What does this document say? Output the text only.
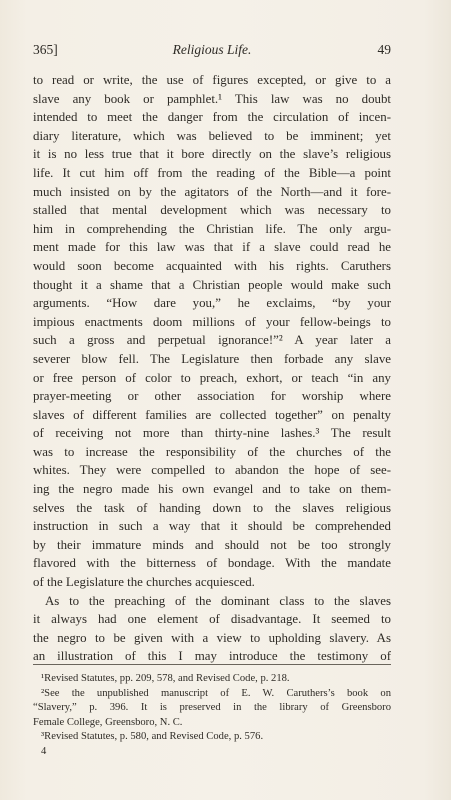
365]	Religious Life.	49
to read or write, the use of figures excepted, or give to a
slave any book or pamphlet.¹ This law was no doubt
intended to meet the danger from the circulation of incen-
diary literature, which was believed to be imminent; yet
it is no less true that it bore directly on the slave’s religious
life. It cut him off from the reading of the Bible—a point
much insisted on by the agitators of the North—and it fore-
stalled that mental development which was necessary to
him in comprehending the Christian life. The only argu-
ment made for this law was that if a slave could read he
would soon become acquainted with his rights. Caruthers
thought it a shame that a Christian people would make such
arguments. “How dare you,” he exclaims, “by your
impious enactments doom millions of your fellow-beings to
such a gross and perpetual ignorance!”² A year later a
severer blow fell. The Legislature then forbade any slave
or free person of color to preach, exhort, or teach “in any
prayer-meeting or other association for worship where
slaves of different families are collected together” on penalty
of receiving not more than thirty-nine lashes.³ The result
was to increase the responsibility of the churches of the
whites. They were compelled to abandon the hope of see-
ing the negro made his own evangel and to take on them-
selves the task of handing down to the slaves religious
instruction in such a way that it should be comprehended
by their immature minds and should not be too strongly
flavored with the bitterness of bondage. With the mandate
of the Legislature the churches acquiesced.
As to the preaching of the dominant class to the slaves
it always had one element of disadvantage. It seemed to
the negro to be given with a view to upholding slavery. As
an illustration of this I may introduce the testimony of
¹Revised Statutes, pp. 209, 578, and Revised Code, p. 218.
²See the unpublished manuscript of E. W. Caruthers’s book on
“Slavery,” p. 396. It is preserved in the library of Greensboro
Female College, Greensboro, N. C.
³Revised Statutes, p. 580, and Revised Code, p. 576.
4
